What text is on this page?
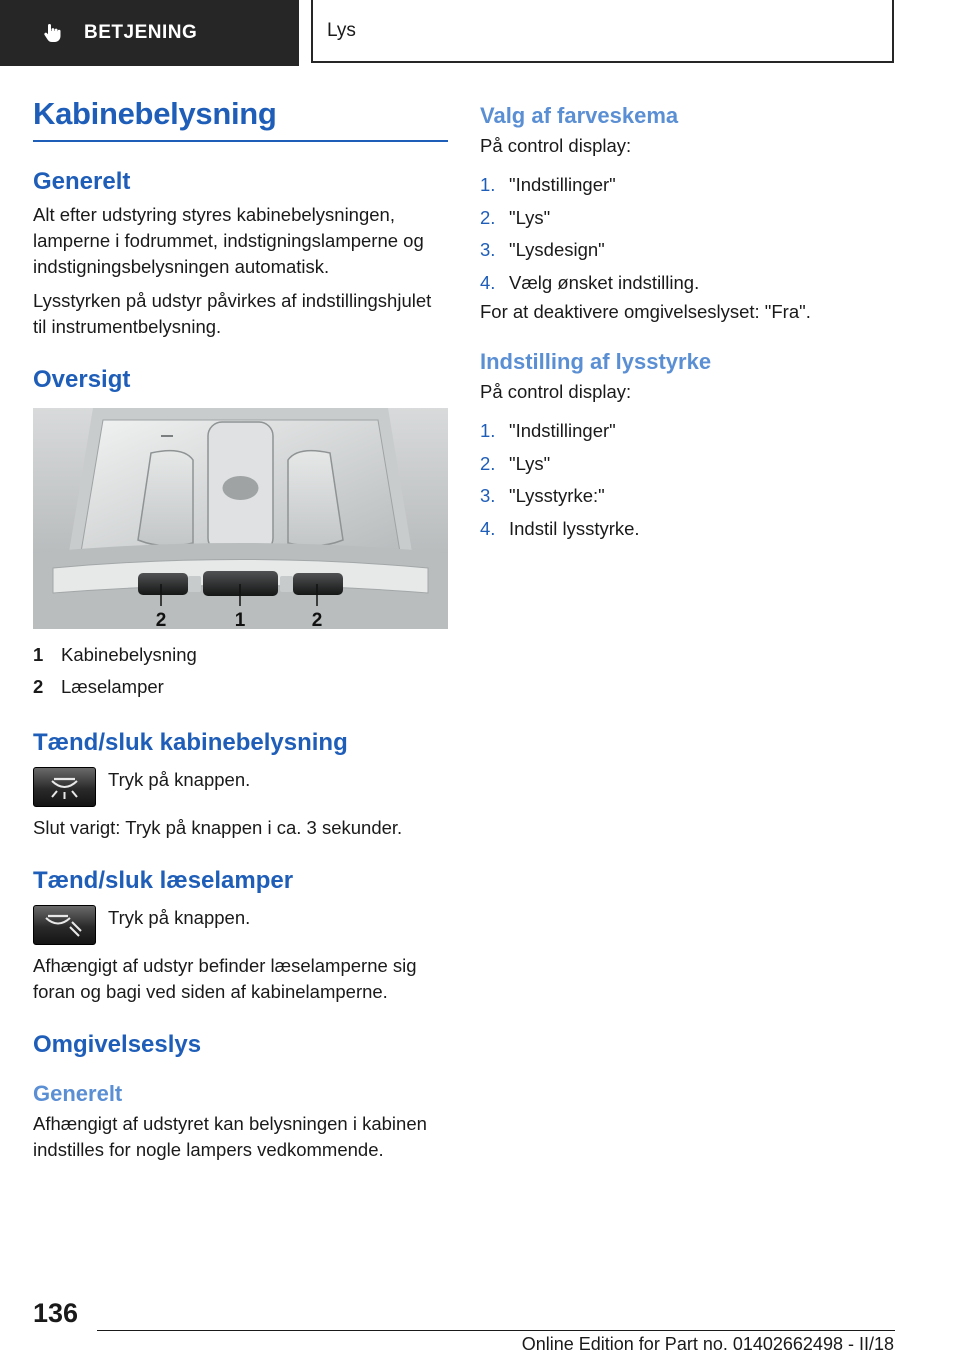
BETJENING	Lys
Kabinebelysning
Generelt

Alt efter udstyring styres kabinebelysningen, lamperne i fodrummet, indstigningslamperne og indstigningsbelysningen automatisk.

Lysstyrken på udstyr påvirkes af indstillingshjulet til instrumentbelysning.

Oversigt
2	1	2
1 Kabinebelysning
2 Læselamper
Tænd/sluk kabinebelysning
Tryk på knappen.

Slut varigt: Tryk på knappen i ca. 3 sekunder.

Tænd/sluk læselamper
Tryk på knappen.

Afhængigt af udstyr befinder læselamperne sig foran og bagi ved siden af kabinelamperne.

Omgivelseslys
Generelt

Afhængigt af udstyret kan belysningen i kabinen indstilles for nogle lampers vedkommende.

Valg af farveskema

På control display:

1. "Indstillinger"
2. "Lys"
3. "Lysdesign"
4. Vælg ønsket indstilling.

For at deaktivere omgivelseslyset: "Fra".

Indstilling af lysstyrke

På control display:

1. "Indstillinger"
2. "Lys"
3. "Lysstyrke:"
4. Indstil lysstyrke.
136
Online Edition for Part no. 01402662498 - II/18
